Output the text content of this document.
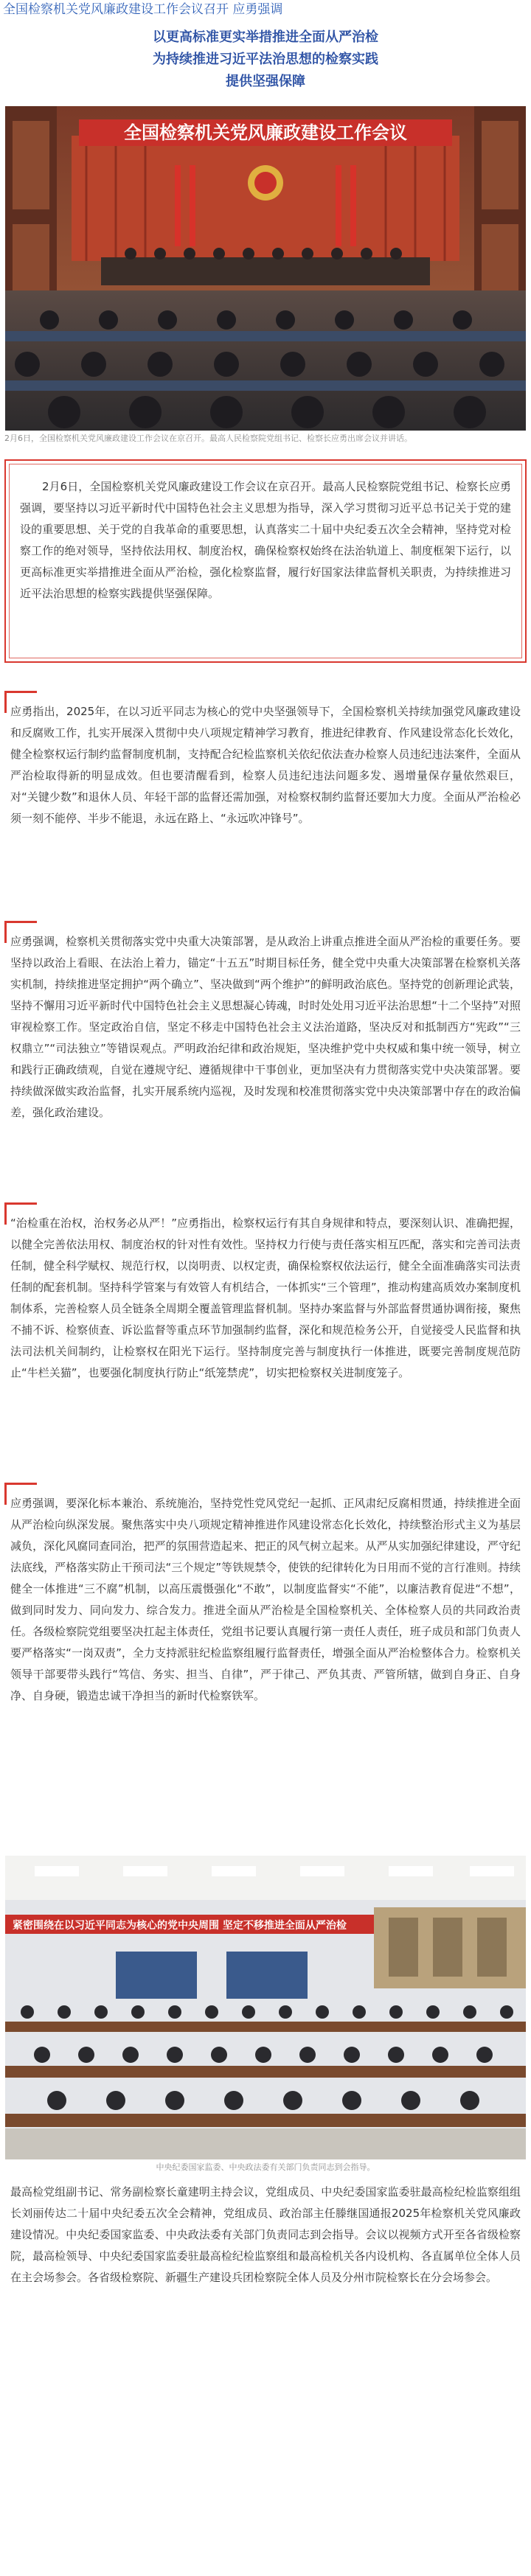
全国检察机关党风廉政建设工作会议召开 应勇强调
以更高标准更实举措推进全面从严治检
为持续推进习近平法治思想的检察实践
提供坚强保障
全国检察机关党风廉政建设工作会议
2月6日，全国检察机关党风廉政建设工作会议在京召开。最高人民检察院党组书记、检察长应勇出席会议并讲话。

2月6日，全国检察机关党风廉政建设工作会议在京召开。最高人民检察院党组书记、检察长应勇强调，要坚持以习近平新时代中国特色社会主义思想为指导，深入学习贯彻习近平总书记关于党的建设的重要思想、关于党的自我革命的重要思想，认真落实二十届中央纪委五次全会精神，坚持党对检察工作的绝对领导，坚持依法用权、制度治权，确保检察权始终在法治轨道上、制度框架下运行，以更高标准更实举措推进全面从严治检，强化检察监督，履行好国家法律监督机关职责，为持续推进习近平法治思想的检察实践提供坚强保障。

应勇指出，2025年，在以习近平同志为核心的党中央坚强领导下，全国检察机关持续加强党风廉政建设和反腐败工作，扎实开展深入贯彻中央八项规定精神学习教育，推进纪律教育、作风建设常态化长效化，健全检察权运行制约监督制度机制，支持配合纪检监察机关依纪依法查办检察人员违纪违法案件，全面从严治检取得新的明显成效。但也要清醒看到，检察人员违纪违法问题多发、遏增量保存量依然艰巨，对“关键少数”和退休人员、年轻干部的监督还需加强，对检察权制约监督还要加大力度。全面从严治检必须一刻不能停、半步不能退，永远在路上、“永远吹冲锋号”。

应勇强调，检察机关贯彻落实党中央重大决策部署，是从政治上讲重点推进全面从严治检的重要任务。要坚持以政治上看眼、在法治上着力，锚定“十五五”时期目标任务，健全党中央重大决策部署在检察机关落实机制，持续推进坚定拥护“两个确立”、坚决做到“两个维护”的鲜明政治底色。坚持党的创新理论武装，坚持不懈用习近平新时代中国特色社会主义思想凝心铸魂，时时处处用习近平法治思想“十二个坚持”对照审视检察工作。坚定政治自信，坚定不移走中国特色社会主义法治道路，坚决反对和抵制西方“宪政”“三权鼎立”“司法独立”等错误观点。严明政治纪律和政治规矩，坚决维护党中央权威和集中统一领导，树立和践行正确政绩观，自觉在遵规守纪、遵循规律中干事创业，更加坚决有力贯彻落实党中央决策部署。要持续做深做实政治监督，扎实开展系统内巡视，及时发现和校准贯彻落实党中央决策部署中存在的政治偏差，强化政治建设。

“治检重在治权，治权务必从严！”应勇指出，检察权运行有其自身规律和特点，要深刻认识、准确把握，以健全完善依法用权、制度治权的针对性有效性。坚持权力行使与责任落实相互匹配，落实和完善司法责任制，健全科学赋权、规范行权，以岗明责、以权定责，确保检察权依法运行，健全全面准确落实司法责任制的配套机制。坚持科学管案与有效管人有机结合，一体抓实“三个管理”，推动构建高质效办案制度机制体系，完善检察人员全链条全周期全覆盖管理监督机制。坚持办案监督与外部监督贯通协调衔接，聚焦不捕不诉、检察侦查、诉讼监督等重点环节加强制约监督，深化和规范检务公开，自觉接受人民监督和执法司法机关间制约，让检察权在阳光下运行。坚持制度完善与制度执行一体推进，既要完善制度规范防止“牛栏关猫”，也要强化制度执行防止“纸笼禁虎”，切实把检察权关进制度笼子。

应勇强调，要深化标本兼治、系统施治，坚持党性党风党纪一起抓、正风肃纪反腐相贯通，持续推进全面从严治检向纵深发展。聚焦落实中央八项规定精神推进作风建设常态化长效化，持续整治形式主义为基层减负，深化风腐同查同治，把严的氛围营造起来、把正的风气树立起来。从严从实加强纪律建设，严守纪法底线，严格落实防止干预司法“三个规定”等铁规禁令，使铁的纪律转化为日用而不觉的言行准则。持续健全一体推进“三不腐”机制，以高压震慑强化“不敢”，以制度监督实“不能”，以廉洁教育促进“不想”，做到同时发力、同向发力、综合发力。推进全面从严治检是全国检察机关、全体检察人员的共同政治责任。各级检察院党组要坚决扛起主体责任，党组书记要认真履行第一责任人责任，班子成员和部门负责人要严格落实“一岗双责”，全力支持派驻纪检监察组履行监督责任，增强全面从严治检整体合力。检察机关领导干部要带头践行“笃信、务实、担当、自律”，严于律己、严负其责、严管所辖，做到自身正、自身净、自身硬，锻造忠诚干净担当的新时代检察铁军。

紧密围绕在以习近平同志为核心的党中央周围 坚定不移推进全面从严治检
中央纪委国家监委、中央政法委有关部门负责同志到会指导。

最高检党组副书记、常务副检察长童建明主持会议，党组成员、中央纪委国家监委驻最高检纪检监察组组长刘丽传达二十届中央纪委五次全会精神，党组成员、政治部主任滕继国通报2025年检察机关党风廉政建设情况。中央纪委国家监委、中央政法委有关部门负责同志到会指导。会议以视频方式开至各省级检察院，最高检领导、中央纪委国家监委驻最高检纪检监察组和最高检机关各内设机构、各直属单位全体人员在主会场参会。各省级检察院、新疆生产建设兵团检察院全体人员及分州市院检察长在分会场参会。
